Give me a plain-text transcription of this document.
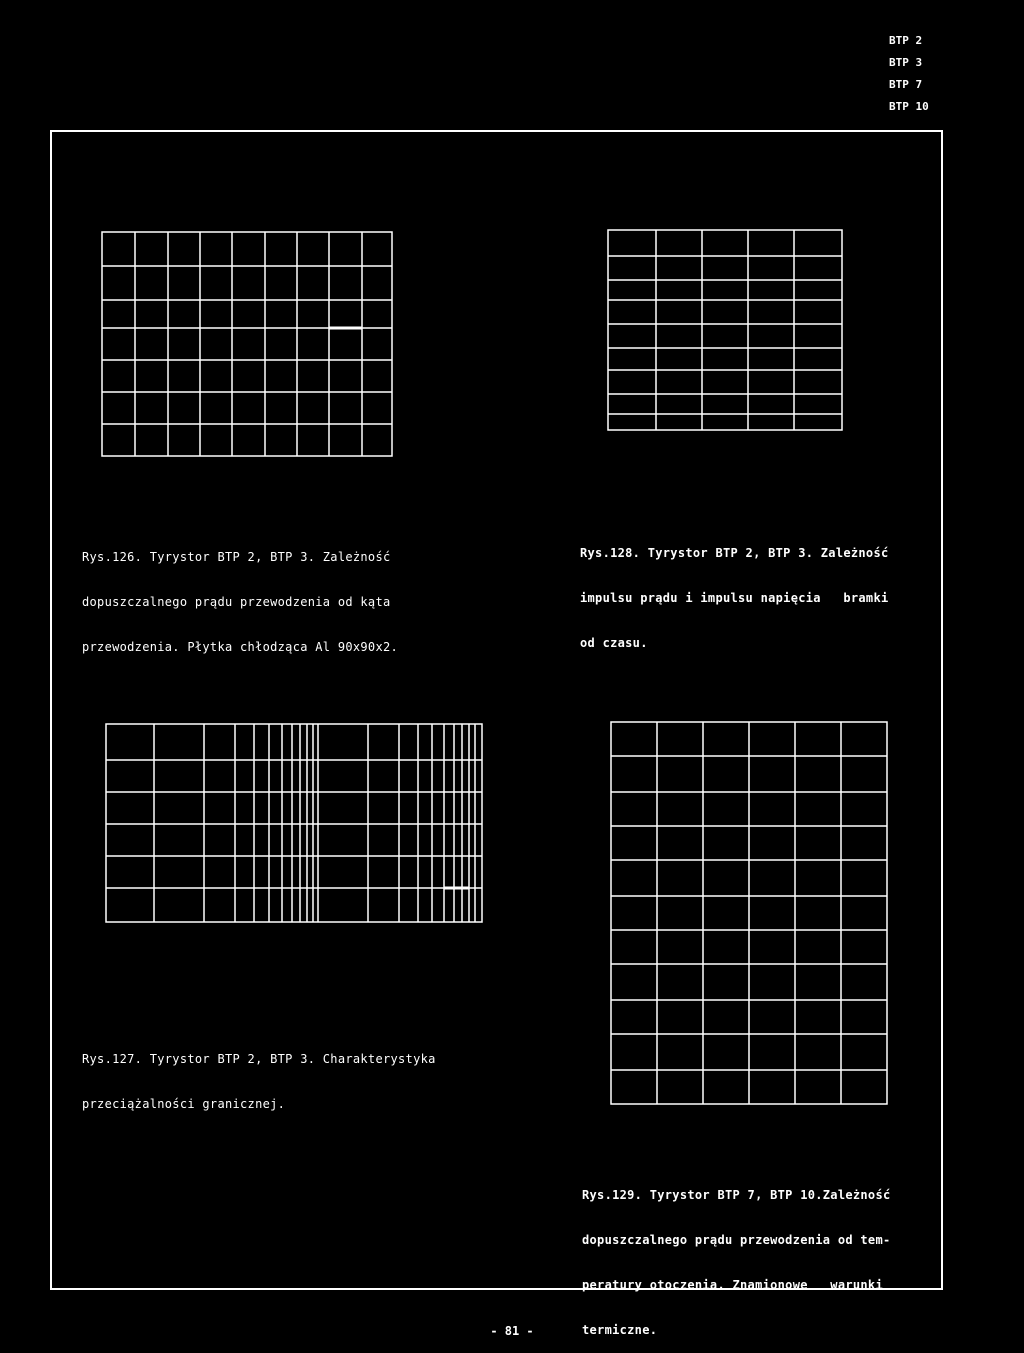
BTP 2
BTP 3
BTP 7
BTP 10

Rys.126. Tyrystor BTP 2, BTP 3. Zależność

dopuszczalnego prądu przewodzenia od kąta

przewodzenia. Płytka chłodząca Al 90x90x2.

Rys.128. Tyrystor BTP 2, BTP 3. Zależność

impulsu prądu i impulsu napięcia   bramki

od czasu.

Rys.127. Tyrystor BTP 2, BTP 3. Charakterystyka

przeciążalności granicznej.

Rys.129. Tyrystor BTP 7, BTP 10.Zależność

dopuszczalnego prądu przewodzenia od tem-

peratury otoczenia. Znamionowe   warunki

termiczne.

- 81 -
